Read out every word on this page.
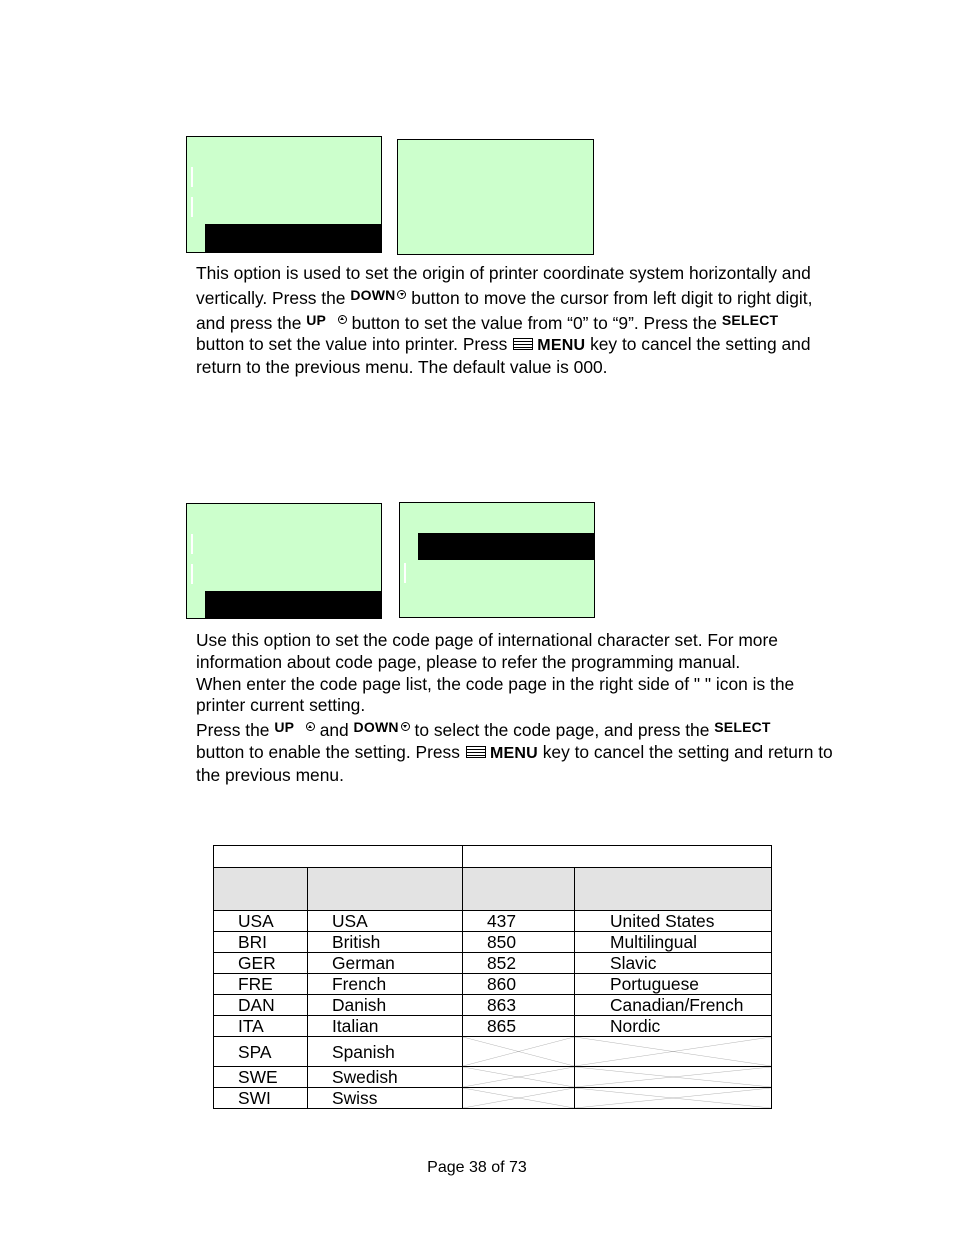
This option is used to set the origin of printer coordinate system horizontally and
vertically. Press the $^{DOWN}$ button to move the cursor from left digit to right digit,
and press the $^{UP}$ button to set the value from “0” to “9”. Press the $^{SELECT}$
button to set the value into printer. Press MENU key to cancel the setting and
return to the previous menu. The default value is 000.
Use this option to set the code page of international character set. For more
information about code page, please to refer the programming manual.
When enter the code page list, the code page in the right side of " " icon is the
printer current setting.
Press the $^{UP}$ and $^{DOWN}$ to select the code page, and press the $^{SELECT}$
button to enable the setting. Press MENU key to cancel the setting and return to
the previous menu.

USA	USA	437	United States
BRI	British	850	Multilingual
GER	German	852	Slavic
FRE	French	860	Portuguese
DAN	Danish	863	Canadian/French
ITA	Italian	865	Nordic
SPA	Spanish	

SWE	Swedish	

SWI	Swiss	

Page 38 of 73
